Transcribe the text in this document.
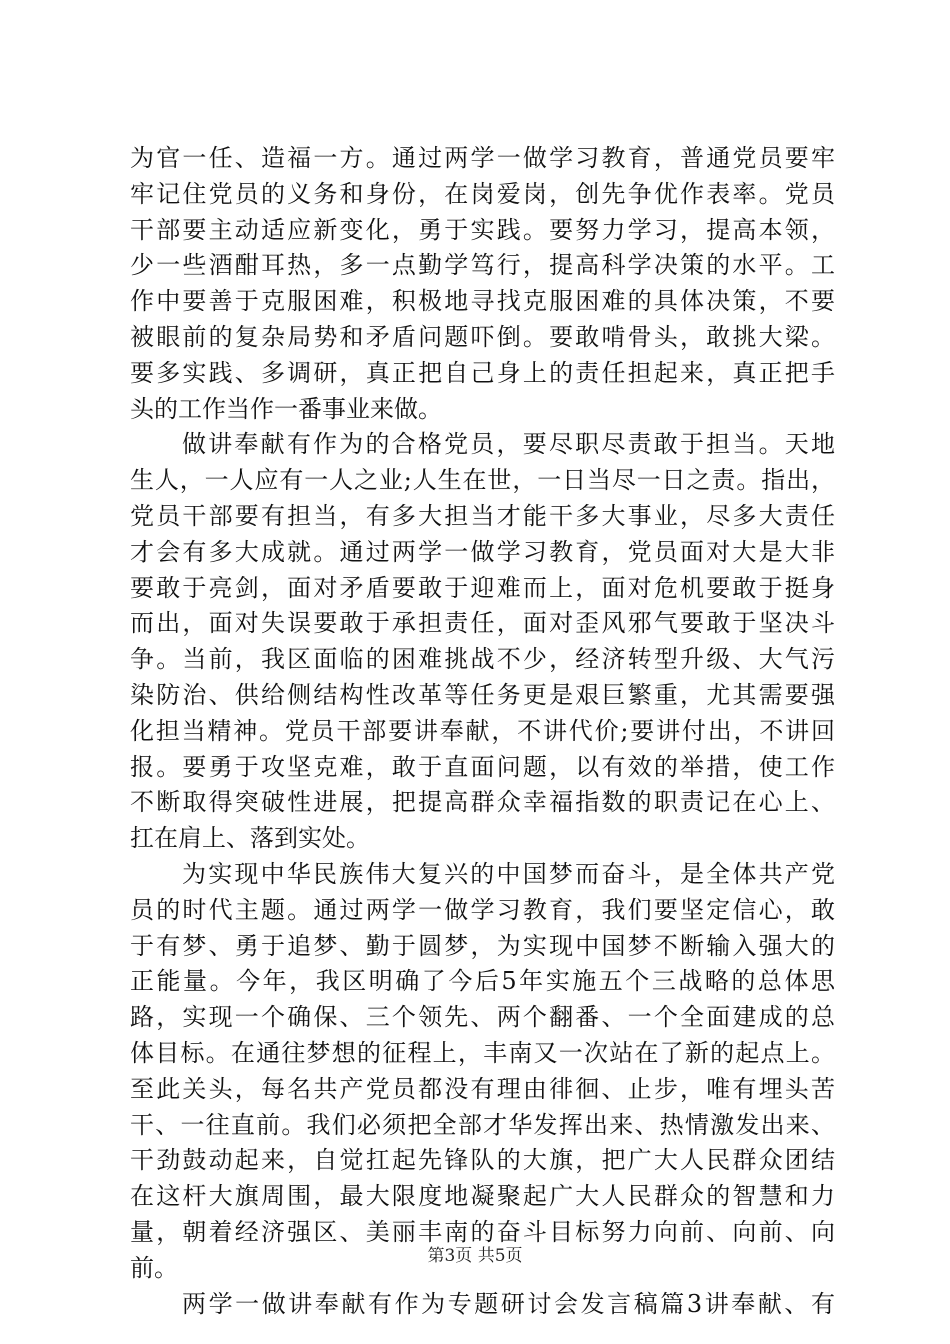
为官一任、造福一方。通过两学一做学习教育，普通党员要牢
牢记住党员的义务和身份，在岗爱岗，创先争优作表率。党员
干部要主动适应新变化，勇于实践。要努力学习，提高本领，
少一些酒酣耳热，多一点勤学笃行，提高科学决策的水平。工
作中要善于克服困难，积极地寻找克服困难的具体决策，不要
被眼前的复杂局势和矛盾问题吓倒。要敢啃骨头，敢挑大梁。
要多实践、多调研，真正把自己身上的责任担起来，真正把手
头的工作当作一番事业来做。
做讲奉献有作为的合格党员，要尽职尽责敢于担当。天地
生人，一人应有一人之业;人生在世，一日当尽一日之责。指出，
党员干部要有担当，有多大担当才能干多大事业，尽多大责任
才会有多大成就。通过两学一做学习教育，党员面对大是大非
要敢于亮剑，面对矛盾要敢于迎难而上，面对危机要敢于挺身
而出，面对失误要敢于承担责任，面对歪风邪气要敢于坚决斗
争。当前，我区面临的困难挑战不少，经济转型升级、大气污
染防治、供给侧结构性改革等任务更是艰巨繁重，尤其需要强
化担当精神。党员干部要讲奉献，不讲代价;要讲付出，不讲回
报。要勇于攻坚克难，敢于直面问题，以有效的举措，使工作
不断取得突破性进展，把提高群众幸福指数的职责记在心上、
扛在肩上、落到实处。
为实现中华民族伟大复兴的中国梦而奋斗，是全体共产党
员的时代主题。通过两学一做学习教育，我们要坚定信心，敢
于有梦、勇于追梦、勤于圆梦，为实现中国梦不断输入强大的
正能量。今年，我区明确了今后5年实施五个三战略的总体思
路，实现一个确保、三个领先、两个翻番、一个全面建成的总
体目标。在通往梦想的征程上，丰南又一次站在了新的起点上。
至此关头，每名共产党员都没有理由徘徊、止步，唯有埋头苦
干、一往直前。我们必须把全部才华发挥出来、热情激发出来、
干劲鼓动起来，自觉扛起先锋队的大旗，把广大人民群众团结
在这杆大旗周围，最大限度地凝聚起广大人民群众的智慧和力
量，朝着经济强区、美丽丰南的奋斗目标努力向前、向前、向
前。
两学一做讲奉献有作为专题研讨会发言稿篇3讲奉献、有
第3页 共5页
